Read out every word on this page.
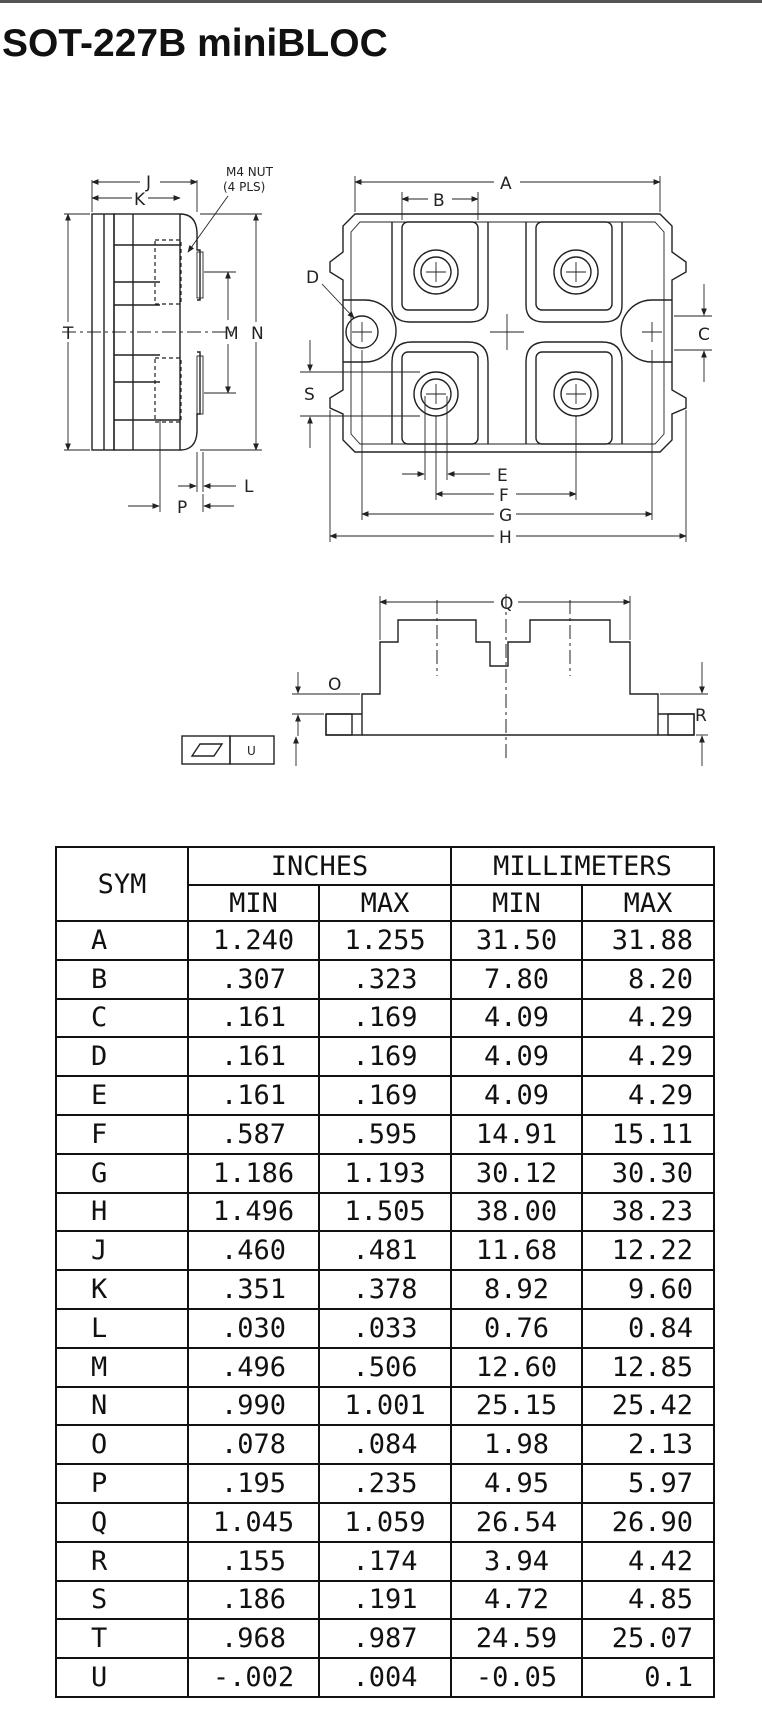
SOT-227B miniBLOC
J
K
M4 NUT
(4 PLS)
T	M N
L
P
A
B
C
D
S
E
F
G
H
Q
O
R
U
SYM	INCHES		MILLIMETERS	
	MIN	MAX	MIN	MAX
A	1.240	1.255	31.50	31.88
B	.307	.323	7.80	8.20
C	.161	.169	4.09	4.29
D	.161	.169	4.09	4.29
E	.161	.169	4.09	4.29
F	.587	.595	14.91	15.11
G	1.186	1.193	30.12	30.30
H	1.496	1.505	38.00	38.23
J	.460	.481	11.68	12.22
K	.351	.378	8.92	9.60
L	.030	.033	0.76	0.84
M	.496	.506	12.60	12.85
N	.990	1.001	25.15	25.42
O	.078	.084	1.98	2.13
P	.195	.235	4.95	5.97
Q	1.045	1.059	26.54	26.90
R	.155	.174	3.94	4.42
S	.186	.191	4.72	4.85
T	.968	.987	24.59	25.07
U	-.002	.004	-0.05	0.1
